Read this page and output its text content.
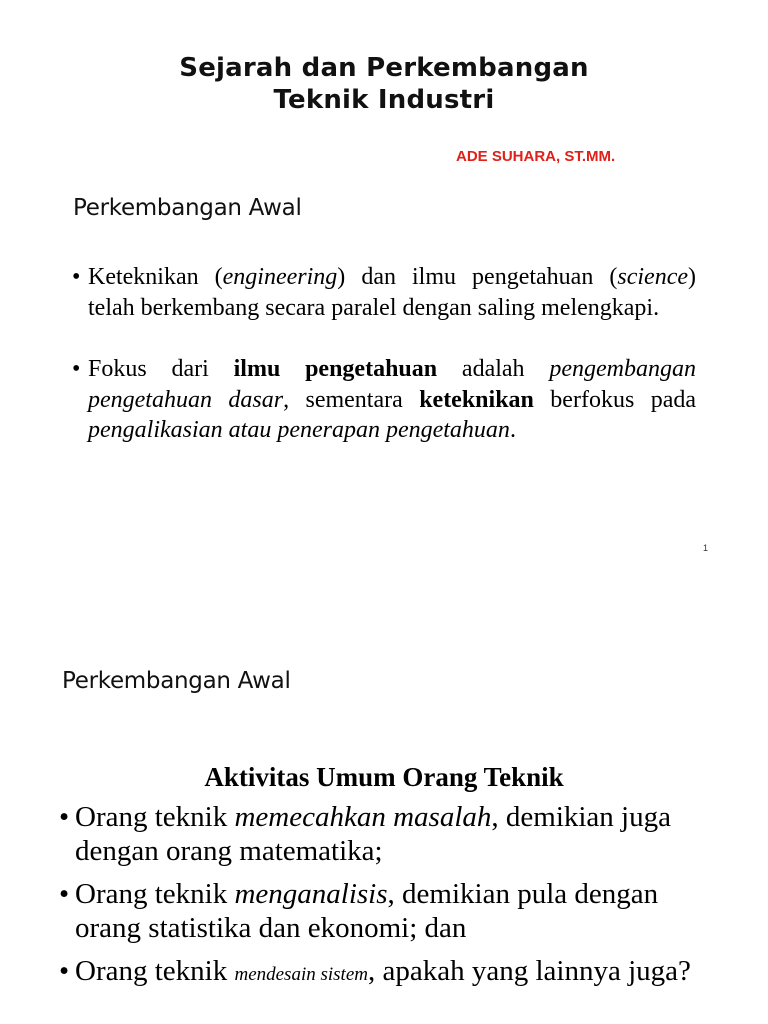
Sejarah dan Perkembangan
Teknik Industri
ADE SUHARA, ST.MM.
Perkembangan Awal
• Keteknikan (engineering) dan ilmu pengetahuan (science) telah berkembang secara paralel dengan saling melengkapi.
• Fokus dari ilmu pengetahuan adalah pengembangan pengetahuan dasar, sementara keteknikan berfokus pada pengalikasian atau penerapan pengetahuan.
1
Perkembangan Awal
Aktivitas Umum Orang Teknik
• Orang teknik memecahkan masalah, demikian juga dengan orang matematika;
• Orang teknik menganalisis, demikian pula dengan orang statistika dan ekonomi; dan
• Orang teknik mendesain sistem, apakah yang lainnya juga?
